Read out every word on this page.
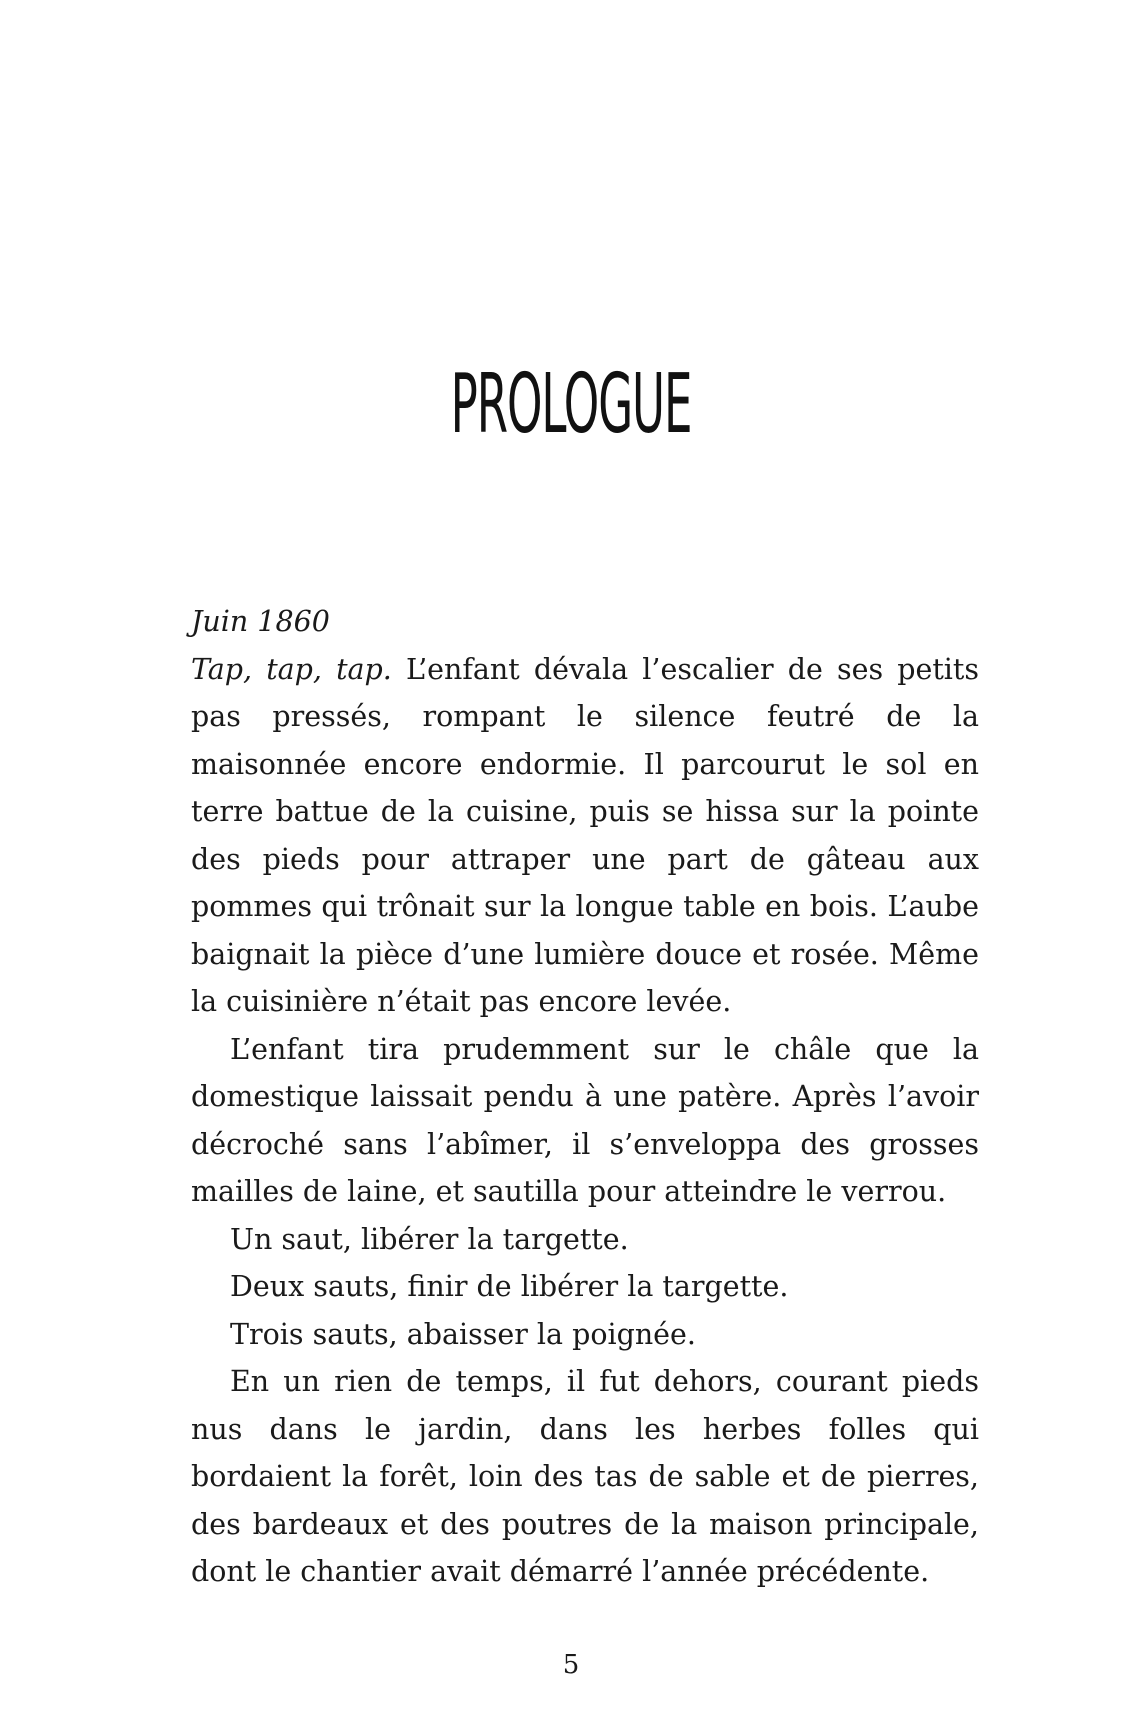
PROLOGUE

Juin 1860

Tap, tap, tap. L’enfant dévala l’escalier de ses petits pas pressés, rompant le silence feutré de la maisonnée encore endormie. Il parcourut le sol en terre battue de la cuisine, puis se hissa sur la pointe des pieds pour attraper une part de gâteau aux pommes qui trônait sur la longue table en bois. L’aube baignait la pièce d’une lumière douce et rosée. Même la cuisinière n’était pas encore levée.

L’enfant tira prudemment sur le châle que la domestique laissait pendu à une patère. Après l’avoir décroché sans l’abîmer, il s’enveloppa des grosses mailles de laine, et sautilla pour atteindre le verrou.

Un saut, libérer la targette.

Deux sauts, finir de libérer la targette.

Trois sauts, abaisser la poignée.

En un rien de temps, il fut dehors, courant pieds nus dans le jardin, dans les herbes folles qui bordaient la forêt, loin des tas de sable et de pierres, des bardeaux et des poutres de la maison principale, dont le chantier avait démarré l’année précédente.

5
